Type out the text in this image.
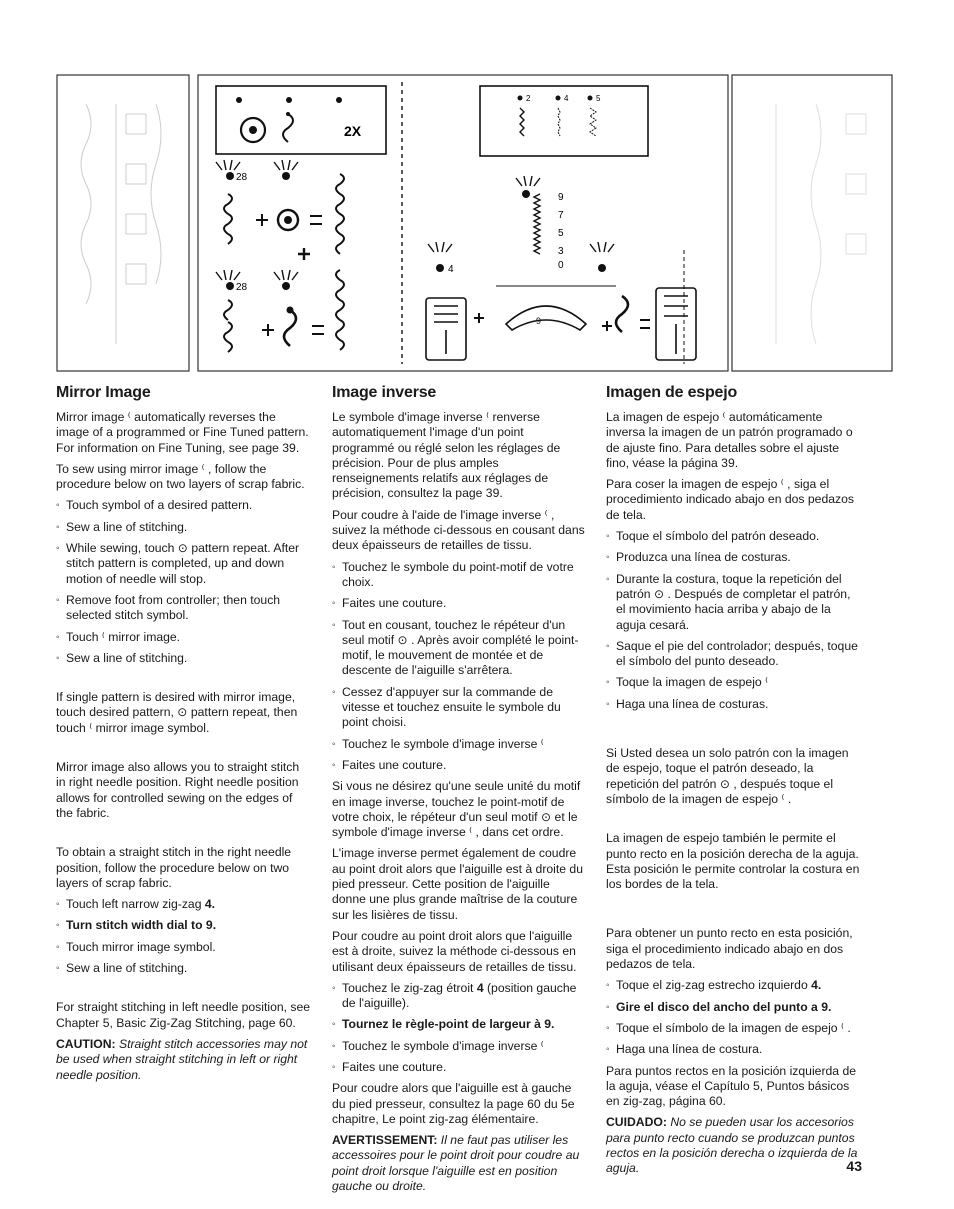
2X
28
28
2	4	5
9
7
5
3
0
4
9
Mirror Image

Mirror image ⁽ automatically reverses the image of a programmed or Fine Tuned pattern. For information on Fine Tuning, see page 39.

To sew using mirror image ⁽ , follow the procedure below on two layers of scrap fabric.

◦ Touch symbol of a desired pattern.
◦ Sew a line of stitching.
◦ While sewing, touch ⊙ pattern repeat. After stitch pattern is completed, up and down motion of needle will stop.
◦ Remove foot from controller; then touch selected stitch symbol.
◦ Touch ⁽ mirror image.
◦ Sew a line of stitching.

If single pattern is desired with mirror image, touch desired pattern, ⊙ pattern repeat, then touch ⁽ mirror image symbol.

Mirror image also allows you to straight stitch in right needle position. Right needle position allows for controlled sewing on the edges of the fabric.

To obtain a straight stitch in the right needle position, follow the procedure below on two layers of scrap fabric.

◦ Touch left narrow zig-zag 4.
◦ Turn stitch width dial to 9.
◦ Touch mirror image symbol.
◦ Sew a line of stitching.

For straight stitching in left needle position, see Chapter 5, Basic Zig-Zag Stitching, page 60.

CAUTION: Straight stitch accessories may not be used when straight stitching in left or right needle position.

Image inverse

Le symbole d'image inverse ⁽ renverse automatiquement l'image d'un point programmé ou réglé selon les réglages de précision. Pour de plus amples renseignements relatifs aux réglages de précision, consultez la page 39.

Pour coudre à l'aide de l'image inverse ⁽ , suivez la méthode ci-dessous en cousant dans deux épaisseurs de retailles de tissu.

◦ Touchez le symbole du point-motif de votre choix.
◦ Faites une couture.
◦ Tout en cousant, touchez le répéteur d'un seul motif ⊙ . Après avoir complété le point-motif, le mouvement de montée et de descente de l'aiguille s'arrêtera.
◦ Cessez d'appuyer sur la commande de vitesse et touchez ensuite le symbole du point choisi.
◦ Touchez le symbole d'image inverse ⁽
◦ Faites une couture.

Si vous ne désirez qu'une seule unité du motif en image inverse, touchez le point-motif de votre choix, le répéteur d'un seul motif ⊙ et le symbole d'image inverse ⁽ , dans cet ordre.

L'image inverse permet également de coudre au point droit alors que l'aiguille est à droite du pied presseur. Cette position de l'aiguille donne une plus grande maîtrise de la couture sur les lisières de tissu.

Pour coudre au point droit alors que l'aiguille est à droite, suivez la méthode ci-dessous en utilisant deux épaisseurs de retailles de tissu.

◦ Touchez le zig-zag étroit 4 (position gauche de l'aiguille).
◦ Tournez le règle-point de largeur à 9.
◦ Touchez le symbole d'image inverse ⁽
◦ Faites une couture.

Pour coudre alors que l'aiguille est à gauche du pied presseur, consultez la page 60 du 5e chapitre, Le point zig-zag élémentaire.

AVERTISSEMENT: Il ne faut pas utiliser les accessoires pour le point droit pour coudre au point droit lorsque l'aiguille est en position gauche ou droite.

Imagen de espejo

La imagen de espejo ⁽ automáticamente inversa la imagen de un patrón programado o de ajuste fino. Para detalles sobre el ajuste fino, véase la página 39.

Para coser la imagen de espejo ⁽ , siga el procedimiento indicado abajo en dos pedazos de tela.

◦ Toque el símbolo del patrón deseado.
◦ Produzca una línea de costuras.
◦ Durante la costura, toque la repetición del patrón ⊙ . Después de completar el patrón, el movimiento hacia arriba y abajo de la aguja cesará.
◦ Saque el pie del controlador; después, toque el símbolo del punto deseado.
◦ Toque la imagen de espejo ⁽
◦ Haga una línea de costuras.

Si Usted desea un solo patrón con la imagen de espejo, toque el patrón deseado, la repetición del patrón ⊙ , después toque el símbolo de la imagen de espejo ⁽ .

La imagen de espejo también le permite el punto recto en la posición derecha de la aguja. Esta posición le permite controlar la costura en los bordes de la tela.

Para obtener un punto recto en esta posición, siga el procedimiento indicado abajo en dos pedazos de tela.

◦ Toque el zig-zag estrecho izquierdo 4.
◦ Gire el disco del ancho del punto a 9.
◦ Toque el símbolo de la imagen de espejo ⁽ .
◦ Haga una línea de costura.

Para puntos rectos en la posición izquierda de la aguja, véase el Capítulo 5, Puntos básicos en zig-zag, página 60.

CUIDADO: No se pueden usar los accesorios para punto recto cuando se produzcan puntos rectos en la posición derecha o izquierda de la aguja.	43
